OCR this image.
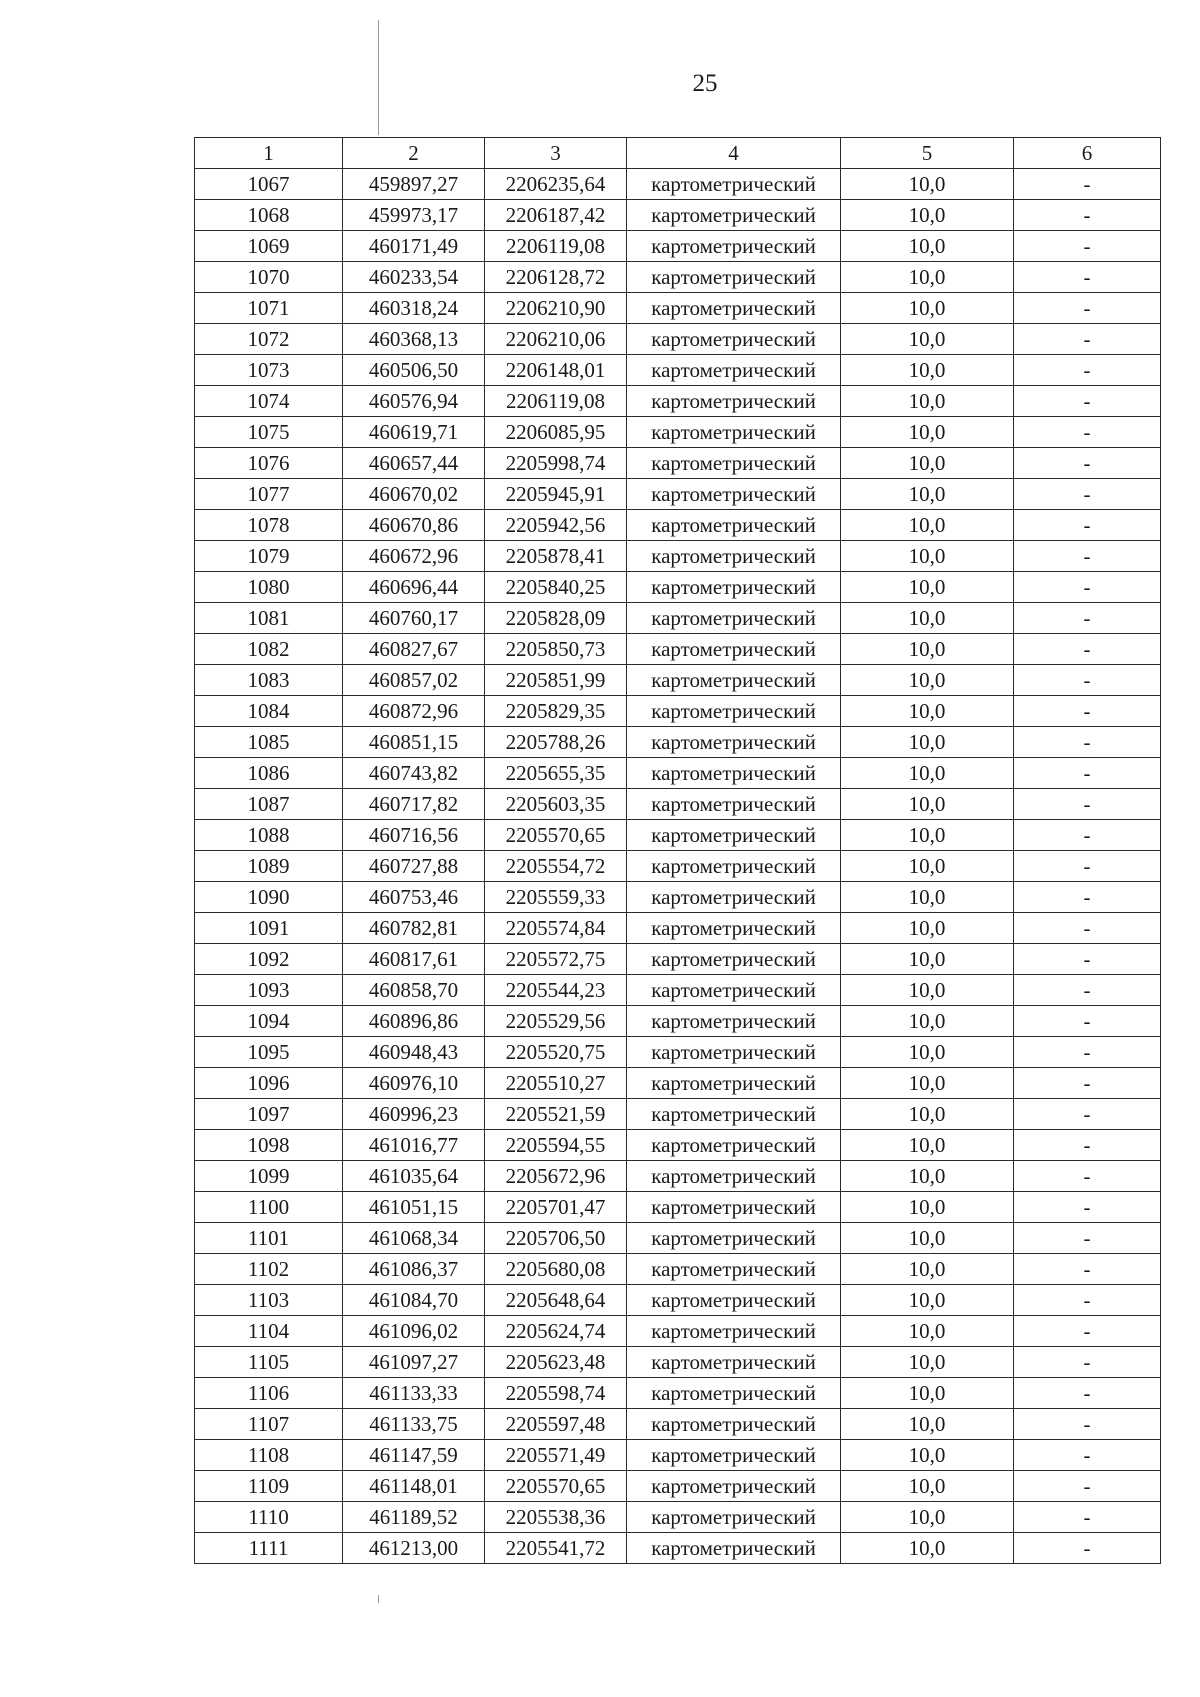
25
1	2	3	4	5	6
1067	459897,27	2206235,64	картометрический	10,0	-
1068	459973,17	2206187,42	картометрический	10,0	-
1069	460171,49	2206119,08	картометрический	10,0	-
1070	460233,54	2206128,72	картометрический	10,0	-
1071	460318,24	2206210,90	картометрический	10,0	-
1072	460368,13	2206210,06	картометрический	10,0	-
1073	460506,50	2206148,01	картометрический	10,0	-
1074	460576,94	2206119,08	картометрический	10,0	-
1075	460619,71	2206085,95	картометрический	10,0	-
1076	460657,44	2205998,74	картометрический	10,0	-
1077	460670,02	2205945,91	картометрический	10,0	-
1078	460670,86	2205942,56	картометрический	10,0	-
1079	460672,96	2205878,41	картометрический	10,0	-
1080	460696,44	2205840,25	картометрический	10,0	-
1081	460760,17	2205828,09	картометрический	10,0	-
1082	460827,67	2205850,73	картометрический	10,0	-
1083	460857,02	2205851,99	картометрический	10,0	-
1084	460872,96	2205829,35	картометрический	10,0	-
1085	460851,15	2205788,26	картометрический	10,0	-
1086	460743,82	2205655,35	картометрический	10,0	-
1087	460717,82	2205603,35	картометрический	10,0	-
1088	460716,56	2205570,65	картометрический	10,0	-
1089	460727,88	2205554,72	картометрический	10,0	-
1090	460753,46	2205559,33	картометрический	10,0	-
1091	460782,81	2205574,84	картометрический	10,0	-
1092	460817,61	2205572,75	картометрический	10,0	-
1093	460858,70	2205544,23	картометрический	10,0	-
1094	460896,86	2205529,56	картометрический	10,0	-
1095	460948,43	2205520,75	картометрический	10,0	-
1096	460976,10	2205510,27	картометрический	10,0	-
1097	460996,23	2205521,59	картометрический	10,0	-
1098	461016,77	2205594,55	картометрический	10,0	-
1099	461035,64	2205672,96	картометрический	10,0	-
1100	461051,15	2205701,47	картометрический	10,0	-
1101	461068,34	2205706,50	картометрический	10,0	-
1102	461086,37	2205680,08	картометрический	10,0	-
1103	461084,70	2205648,64	картометрический	10,0	-
1104	461096,02	2205624,74	картометрический	10,0	-
1105	461097,27	2205623,48	картометрический	10,0	-
1106	461133,33	2205598,74	картометрический	10,0	-
1107	461133,75	2205597,48	картометрический	10,0	-
1108	461147,59	2205571,49	картометрический	10,0	-
1109	461148,01	2205570,65	картометрический	10,0	-
1110	461189,52	2205538,36	картометрический	10,0	-
1111	461213,00	2205541,72	картометрический	10,0	-
